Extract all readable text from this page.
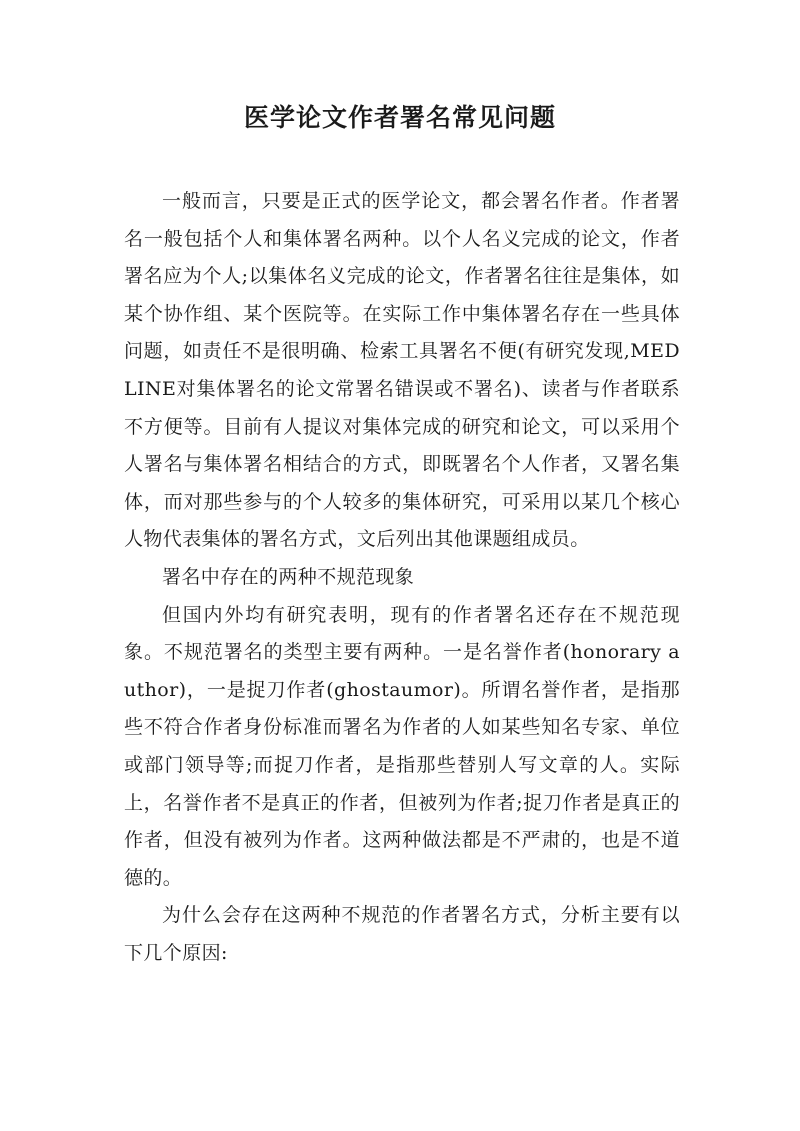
医学论文作者署名常见问题

一般而言，只要是正式的医学论文，都会署名作者。作者署名一般包括个人和集体署名两种。以个人名义完成的论文，作者署名应为个人;以集体名义完成的论文，作者署名往往是集体，如某个协作组、某个医院等。在实际工作中集体署名存在一些具体问题，如责任不是很明确、检索工具署名不便(有研究发现,MEDLINE对集体署名的论文常署名错误或不署名)、读者与作者联系不方便等。目前有人提议对集体完成的研究和论文，可以采用个人署名与集体署名相结合的方式，即既署名个人作者，又署名集体，而对那些参与的个人较多的集体研究，可采用以某几个核心人物代表集体的署名方式，文后列出其他课题组成员。

署名中存在的两种不规范现象

但国内外均有研究表明，现有的作者署名还存在不规范现象。不规范署名的类型主要有两种。一是名誉作者(honorary author)，一是捉刀作者(ghostaumor)。所谓名誉作者，是指那些不符合作者身份标准而署名为作者的人如某些知名专家、单位或部门领导等;而捉刀作者，是指那些替别人写文章的人。实际上，名誉作者不是真正的作者，但被列为作者;捉刀作者是真正的作者，但没有被列为作者。这两种做法都是不严肃的，也是不道德的。

为什么会存在这两种不规范的作者署名方式，分析主要有以下几个原因:
